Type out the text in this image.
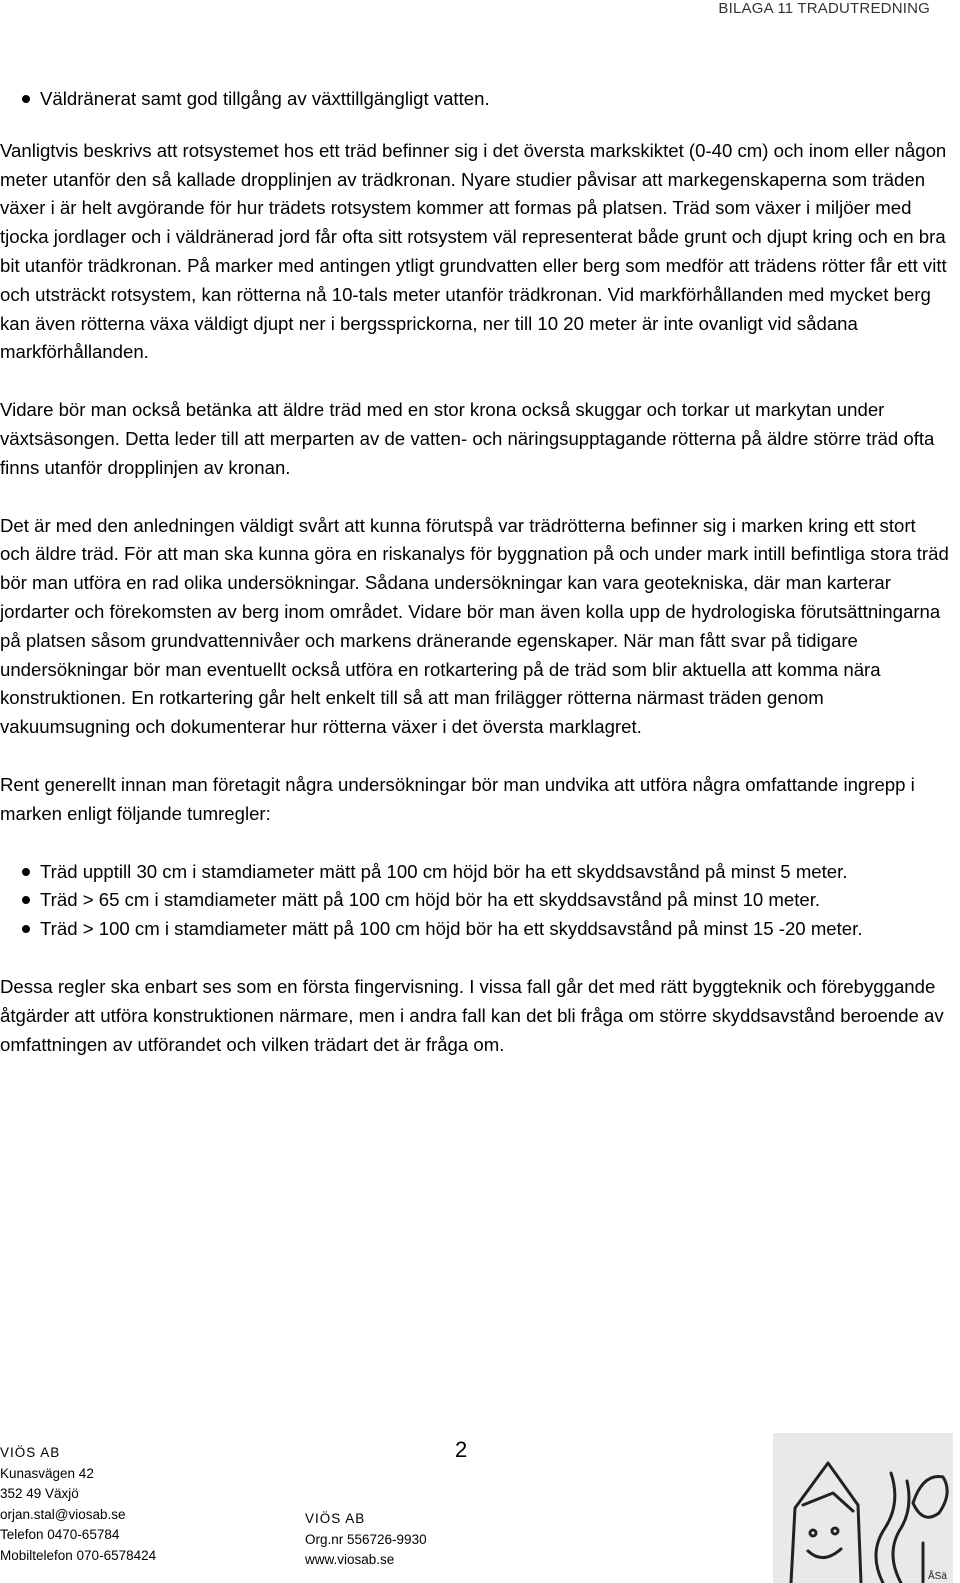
BILAGA 11 TRADUTREDNING
Väldränerat samt god tillgång av växttillgängligt vatten.

Vanligtvis beskrivs att rotsystemet hos ett träd befinner sig i det översta markskiktet (0-40 cm) och inom eller någon meter utanför den så kallade dropplinjen av trädkronan. Nyare studier påvisar att markegenskaperna som träden växer i är helt avgörande för hur trädets rotsystem kommer att formas på platsen. Träd som växer i miljöer med tjocka jordlager och i väldränerad jord får ofta sitt rotsystem väl representerat både grunt och djupt kring och en bra bit utanför trädkronan. På marker med antingen ytligt grundvatten eller berg som medför att trädens rötter får ett vitt och utsträckt rotsystem, kan rötterna nå 10-tals meter utanför trädkronan. Vid markförhållanden med mycket berg kan även rötterna växa väldigt djupt ner i bergssprickorna, ner till 10 20 meter är inte ovanligt vid sådana markförhållanden.

Vidare bör man också betänka att äldre träd med en stor krona också skuggar och torkar ut markytan under växtsäsongen. Detta leder till att merparten av de vatten- och näringsupptagande rötterna på äldre större träd ofta finns utanför dropplinjen av kronan.

Det är med den anledningen väldigt svårt att kunna förutspå var trädrötterna befinner sig i marken kring ett stort och äldre träd. För att man ska kunna göra en riskanalys för byggnation på och under mark intill befintliga stora träd bör man utföra en rad olika undersökningar. Sådana undersökningar kan vara geotekniska, där man karterar jordarter och förekomsten av berg inom området. Vidare bör man även kolla upp de hydrologiska förutsättningarna på platsen såsom grundvattennivåer och markens dränerande egenskaper. När man fått svar på tidigare undersökningar bör man eventuellt också utföra en rotkartering på de träd som blir aktuella att komma nära konstruktionen. En rotkartering går helt enkelt till så att man frilägger rötterna närmast träden genom vakuumsugning och dokumenterar hur rötterna växer i det översta marklagret.

Rent generellt innan man företagit några undersökningar bör man undvika att utföra några omfattande ingrepp i marken enligt följande tumregler:

Träd upptill 30 cm i stamdiameter mätt på 100 cm höjd bör ha ett skyddsavstånd på minst 5 meter.
Träd > 65 cm i stamdiameter mätt på 100 cm höjd bör ha ett skyddsavstånd på minst 10 meter.
Träd > 100 cm i stamdiameter mätt på 100 cm höjd bör ha ett skyddsavstånd på minst 15 -20 meter.

Dessa regler ska enbart ses som en första fingervisning. I vissa fall går det med rätt byggteknik och förebyggande åtgärder att utföra konstruktionen närmare, men i andra fall kan det bli fråga om större skyddsavstånd beroende av omfattningen av utförandet och vilken trädart det är fråga om.

VIÖS AB
Kunasvägen 42
352 49 Växjö
orjan.stal@viosab.se
Telefon 0470-65784
Mobiltelefon 070-6578424
2
VIÖS AB
Org.nr 556726-9930
www.viosab.se
ÅSä
